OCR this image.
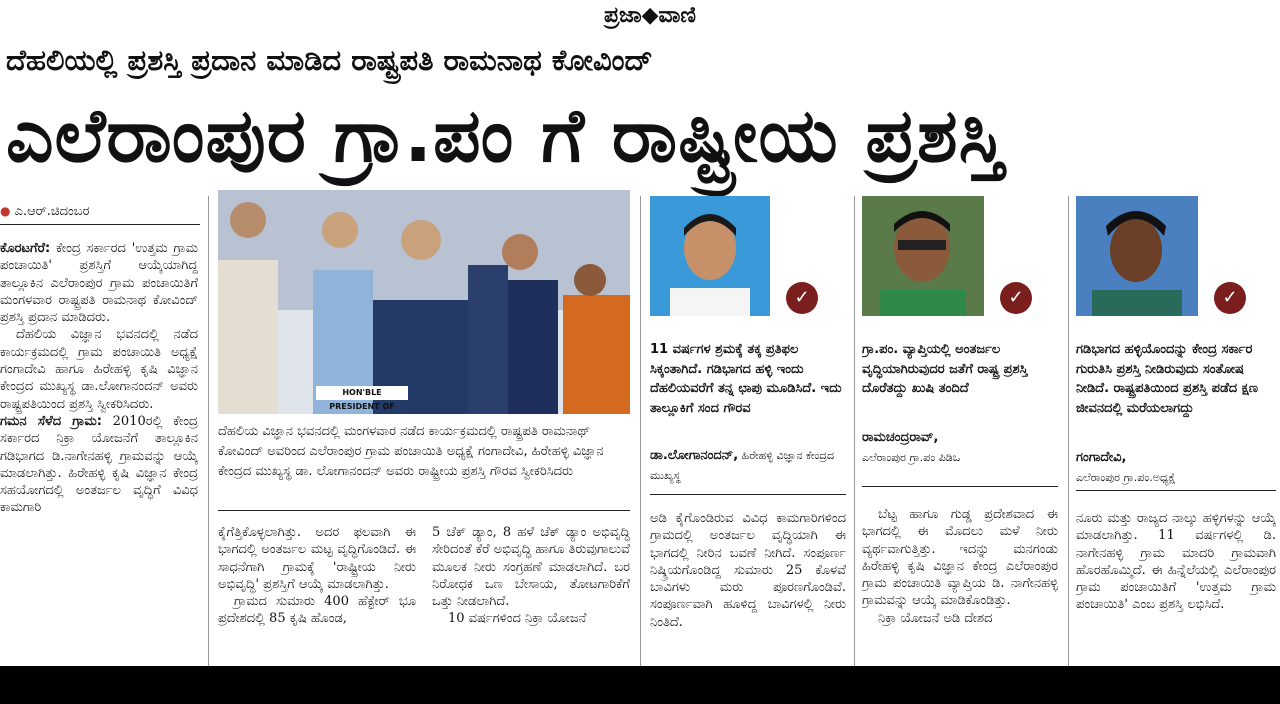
ಪ್ರಜಾ◆ವಾಣಿ
ದೆಹಲಿಯಲ್ಲಿ ಪ್ರಶಸ್ತಿ ಪ್ರದಾನ ಮಾಡಿದ ರಾಷ್ಟ್ರಪತಿ ರಾಮನಾಥ ಕೋವಿಂದ್
ಎಲೆರಾಂಪುರ ಗ್ರಾ.ಪಂ ಗೆ ರಾಷ್ಟ್ರೀಯ ಪ್ರಶಸ್ತಿ
● ಎ.ಆರ್.ಚಿದಂಬರ

ಕೊರಟಗೆರೆ: ಕೇಂದ್ರ ಸರ್ಕಾರದ 'ಉತ್ತಮ ಗ್ರಾಮ ಪಂಚಾಯಿತಿ' ಪ್ರಶಸ್ತಿಗೆ ಆಯ್ಕೆಯಾಗಿದ್ದ ತಾಲ್ಲೂಕಿನ ಎಲೆರಾಂಪುರ ಗ್ರಾಮ ಪಂಚಾಯಿತಿಗೆ ಮಂಗಳವಾರ ರಾಷ್ಟ್ರಪತಿ ರಾಮನಾಥ ಕೋವಿಂದ್ ಪ್ರಶಸ್ತಿ ಪ್ರದಾನ ಮಾಡಿದರು.

ದೆಹಲಿಯ ವಿಜ್ಞಾನ ಭವನದಲ್ಲಿ ನಡೆದ ಕಾರ್ಯಕ್ರಮದಲ್ಲಿ ಗ್ರಾಮ ಪಂಚಾಯಿತಿ ಅಧ್ಯಕ್ಷೆ ಗಂಗಾದೇವಿ ಹಾಗೂ ಹಿರೇಹಳ್ಳಿ ಕೃಷಿ ವಿಜ್ಞಾನ ಕೇಂದ್ರದ ಮುಖ್ಯಸ್ಥ ಡಾ.ಲೋಗಾನಂದನ್ ಅವರು ರಾಷ್ಟ್ರಪತಿಯಿಂದ ಪ್ರಶಸ್ತಿ ಸ್ವೀಕರಿಸಿದರು.

ಗಮನ ಸೆಳೆದ ಗ್ರಾಮ: 2010ರಲ್ಲಿ ಕೇಂದ್ರ ಸರ್ಕಾರದ ನಿಕ್ರಾ ಯೋಜನೆಗೆ ತಾಲ್ಲೂಕಿನ ಗಡಿಭಾಗದ ಡಿ.ನಾಗೇನಹಳ್ಳಿ ಗ್ರಾಮವನ್ನು ಆಯ್ಕೆ ಮಾಡಲಾಗಿತ್ತು. ಹಿರೇಹಳ್ಳಿ ಕೃಷಿ ವಿಜ್ಞಾನ ಕೇಂದ್ರ ಸಹಯೋಗದಲ್ಲಿ ಅಂತರ್ಜಲ ವೃದ್ಧಿಗೆ ವಿವಿಧ ಕಾಮಗಾರಿ

HON'BLE PRESIDENT OF
ದೆಹಲಿಯ ವಿಜ್ಞಾನ ಭವನದಲ್ಲಿ ಮಂಗಳವಾರ ನಡೆದ ಕಾರ್ಯಕ್ರಮದಲ್ಲಿ ರಾಷ್ಟ್ರಪತಿ ರಾಮನಾಥ್ ಕೋವಿಂದ್ ಅವರಿಂದ ಎಲೆರಾಂಪುರ ಗ್ರಾಮ ಪಂಚಾಯಿತಿ ಅಧ್ಯಕ್ಷೆ ಗಂಗಾದೇವಿ, ಹಿರೇಹಳ್ಳಿ ವಿಜ್ಞಾನ ಕೇಂದ್ರದ ಮುಖ್ಯಸ್ಥ ಡಾ. ಲೋಗಾನಂದನ್ ಅವರು ರಾಷ್ಟ್ರೀಯ ಪ್ರಶಸ್ತಿ ಗೌರವ ಸ್ವೀಕರಿಸಿದರು

ಕೈಗೆತ್ತಿಕೊಳ್ಳಲಾಗಿತ್ತು. ಅದರ ಫಲವಾಗಿ ಈ ಭಾಗದಲ್ಲಿ ಅಂತರ್ಜಲ ಮಟ್ಟ ವೃದ್ಧಿಗೊಂಡಿದೆ. ಈ ಸಾಧನೆಗಾಗಿ ಗ್ರಾಮಕ್ಕೆ 'ರಾಷ್ಟ್ರೀಯ ನೀರು ಅಭಿವೃದ್ಧಿ' ಪ್ರಶಸ್ತಿಗೆ ಆಯ್ಕೆ ಮಾಡಲಾಗಿತ್ತು.

ಗ್ರಾಮದ ಸುಮಾರು 400 ಹೆಕ್ಟೇರ್ ಭೂ ಪ್ರದೇಶದಲ್ಲಿ 85 ಕೃಷಿ ಹೊಂಡ,

5 ಚೆಕ್ ಡ್ಯಾಂ, 8 ಹಳೆ ಚೆಕ್ ಡ್ಯಾಂ ಅಭಿವೃದ್ಧಿ ಸೇರಿದಂತೆ ಕೆರೆ ಅಭಿವೃದ್ಧಿ ಹಾಗೂ ತಿರುವುಗಾಲುವೆ ಮೂಲಕ ನೀರು ಸಂಗ್ರಹಣೆ ಮಾಡಲಾಗಿದೆ. ಬರ ನಿರೋಧಕ ಒಣ ಬೇಸಾಯ, ತೋಟಗಾರಿಕೆಗೆ ಒತ್ತು ನೀಡಲಾಗಿದೆ.

10 ವರ್ಷಗಳಿಂದ ನಿಕ್ರಾ ಯೋಜನೆ

✓
11 ವರ್ಷಗಳ ಶ್ರಮಕ್ಕೆ ತಕ್ಕ ಪ್ರತಿಫಲ ಸಿಕ್ಕಂತಾಗಿದೆ. ಗಡಿಭಾಗದ ಹಳ್ಳಿ ಇಂದು ದೆಹಲಿಯವರೆಗೆ ತನ್ನ ಛಾಪು ಮೂಡಿಸಿದೆ. ಇದು ತಾಲ್ಲೂಕಿಗೆ ಸಂದ ಗೌರವ
ಡಾ.ಲೋಗಾನಂದನ್, ಹಿರೇಹಳ್ಳಿ ವಿಜ್ಞಾನ ಕೇಂದ್ರದ ಮುಖ್ಯಸ್ಥ
✓
ಗ್ರಾ.ಪಂ. ವ್ಯಾಪ್ತಿಯಲ್ಲಿ ಅಂತರ್ಜಲ ವೃದ್ಧಿಯಾಗಿರುವುದರ ಜತೆಗೆ ರಾಷ್ಟ್ರ ಪ್ರಶಸ್ತಿ ದೊರೆತದ್ದು ಖುಷಿ ತಂದಿದೆ
ರಾಮಚಂದ್ರರಾವ್,
ಎಲೆರಾಂಪುರ ಗ್ರಾ.ಪಂ ಪಿಡಿಒ
✓
ಗಡಿಭಾಗದ ಹಳ್ಳಿಯೊಂದನ್ನು ಕೇಂದ್ರ ಸರ್ಕಾರ ಗುರುತಿಸಿ ಪ್ರಶಸ್ತಿ ನೀಡಿರುವುದು ಸಂತೋಷ ನೀಡಿದೆ. ರಾಷ್ಟ್ರಪತಿಯಿಂದ ಪ್ರಶಸ್ತಿ ಪಡೆದ ಕ್ಷಣ ಜೀವನದಲ್ಲಿ ಮರೆಯಲಾಗದ್ದು
ಗಂಗಾದೇವಿ,
ಎಲೆರಾಂಪುರ ಗ್ರಾ.ಪಂ.ಅಧ್ಯಕ್ಷೆ

ಅಡಿ ಕೈಗೊಂಡಿರುವ ವಿವಿಧ ಕಾಮಗಾರಿಗಳಿಂದ ಗ್ರಾಮದಲ್ಲಿ ಅಂತರ್ಜಲ ವೃದ್ಧಿಯಾಗಿ ಈ ಭಾಗದಲ್ಲಿ ನೀರಿನ ಬವಣೆ ನೀಗಿದೆ. ಸಂಪೂರ್ಣ ನಿಷ್ಕ್ರಿಯಗೊಂಡಿದ್ದ ಸುಮಾರು 25 ಕೊಳವೆ ಬಾವಿಗಳು ಮರು ಪೂರಣಗೊಂಡಿವೆ. ಸಂಪೂರ್ಣವಾಗಿ ಹೂಳಿದ್ದ ಬಾವಿಗಳಲ್ಲಿ ನೀರು ನಿಂತಿದೆ.

ಬೆಟ್ಟ ಹಾಗೂ ಗುಡ್ಡ ಪ್ರದೇಶವಾದ ಈ ಭಾಗದಲ್ಲಿ ಈ ಮೊದಲು ಮಳೆ ನೀರು ವ್ಯರ್ಥವಾಗುತ್ತಿತ್ತು. ಇದನ್ನು ಮನಗಂಡು ಹಿರೇಹಳ್ಳಿ ಕೃಷಿ ವಿಜ್ಞಾನ ಕೇಂದ್ರ ಎಲೆರಾಂಪುರ ಗ್ರಾಮ ಪಂಚಾಯಿತಿ ವ್ಯಾಪ್ತಿಯ ಡಿ. ನಾಗೇನಹಳ್ಳಿ ಗ್ರಾಮವನ್ನು ಆಯ್ಕೆ ಮಾಡಿಕೊಂಡಿತ್ತು.

ನಿಕ್ರಾ ಯೋಜನೆ ಅಡಿ ದೇಶದ

ನೂರು ಮತ್ತು ರಾಜ್ಯದ ನಾಲ್ಕು ಹಳ್ಳಿಗಳನ್ನು ಆಯ್ಕೆ ಮಾಡಲಾಗಿತ್ತು. 11 ವರ್ಷಗಳಲ್ಲಿ ಡಿ. ನಾಗೇನಹಳ್ಳಿ ಗ್ರಾಮ ಮಾದರಿ ಗ್ರಾಮವಾಗಿ ಹೊರಹೊಮ್ಮಿದೆ. ಈ ಹಿನ್ನೆಲೆಯಲ್ಲಿ ಎಲೆರಾಂಪುರ ಗ್ರಾಮ ಪಂಚಾಯಿತಿಗೆ 'ಉತ್ತಮ ಗ್ರಾಮ ಪಂಚಾಯಿತಿ' ಎಂಬ ಪ್ರಶಸ್ತಿ ಲಭಿಸಿದೆ.
